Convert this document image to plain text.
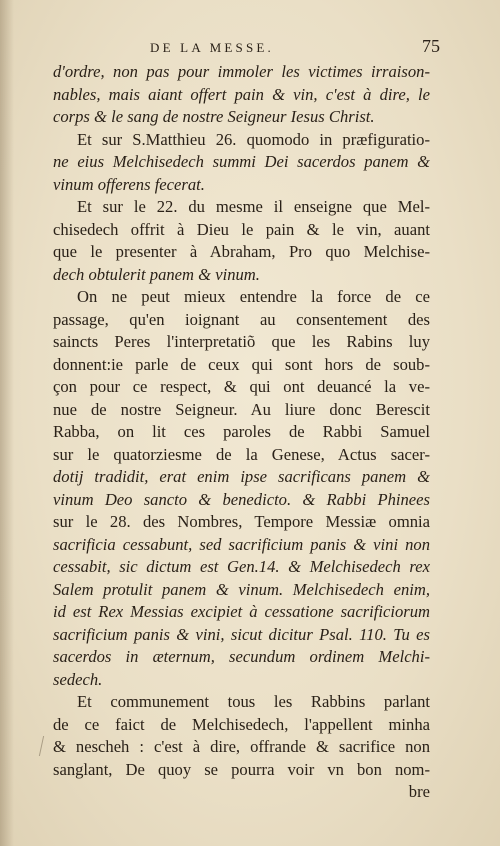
DE LA MESSE.	75
d'ordre, non pas pour immoler les victimes irraison-
nables, mais aiant offert pain & vin, c'est à dire, le
corps & le sang de nostre Seigneur Iesus Christ.
Et sur S.Matthieu 26. quomodo in præfiguratio-
ne eius Melchisedech summi Dei sacerdos panem &
vinum offerens fecerat.
Et sur le 22. du mesme il enseigne que Mel-
chisedech offrit à Dieu le pain & le vin, auant
que le presenter à Abraham, Pro quo Melchise-
dech obtulerit panem & vinum.
On ne peut mieux entendre la force de ce
passage, qu'en ioignant au consentement des
saincts Peres l'interpretatiõ que les Rabins luy
donnent:ie parle de ceux qui sont hors de soub-
çon pour ce respect, & qui ont deuancé la ve-
nue de nostre Seigneur. Au liure donc Berescit
Rabba, on lit ces paroles de Rabbi Samuel
sur le quatorziesme de la Genese, Actus sacer-
dotij tradidit, erat enim ipse sacrificans panem &
vinum Deo sancto & benedicto. & Rabbi Phinees
sur le 28. des Nombres, Tempore Messiæ omnia
sacrificia cessabunt, sed sacrificium panis & vini non
cessabit, sic dictum est Gen.14. & Melchisedech rex
Salem protulit panem & vinum. Melchisedech enim,
id est Rex Messias excipiet à cessatione sacrificiorum
sacrificium panis & vini, sicut dicitur Psal. 110. Tu es
sacerdos in æternum, secundum ordinem Melchi-
sedech.
Et communement tous les Rabbins parlant
de ce faict de Melchisedech, l'appellent minha
& nescheh : c'est à dire, offrande & sacrifice non
sanglant, De quoy se pourra voir vn bon nom-
bre
